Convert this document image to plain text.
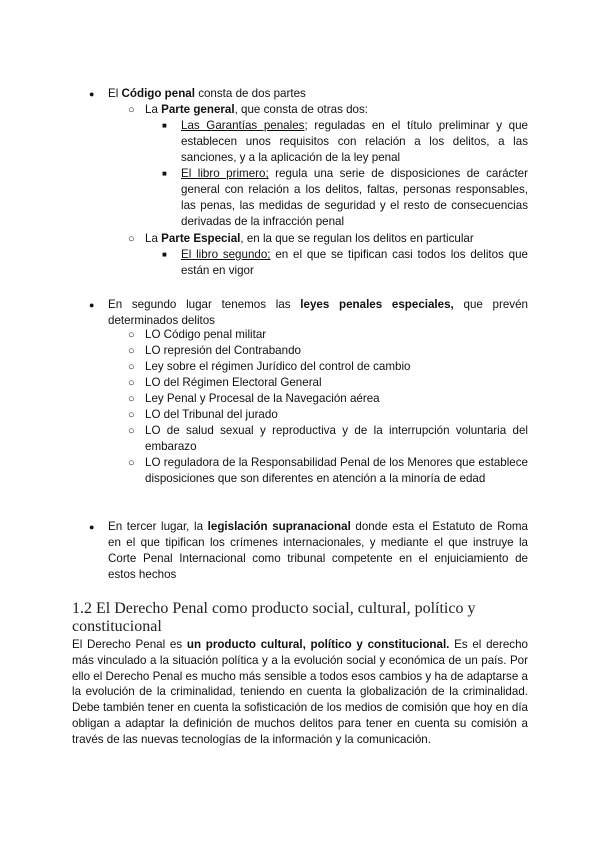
● El Código penal consta de dos partes
○ La Parte general, que consta de otras dos:
■ Las Garantías penales; reguladas en el título preliminar y que establecen unos requisitos con relación a los delitos, a las sanciones, y a la aplicación de la ley penal
■ El libro primero; regula una serie de disposiciones de carácter general con relación a los delitos, faltas, personas responsables, las penas, las medidas de seguridad y el resto de consecuencias derivadas de la infracción penal
○ La Parte Especial, en la que se regulan los delitos en particular
■ El libro segundo; en el que se tipifican casi todos los delitos que están en vigor
● En segundo lugar tenemos las leyes penales especiales, que prevén determinados delitos
○ LO Código penal militar
○ LO represión del Contrabando
○ Ley sobre el régimen Jurídico del control de cambio
○ LO del Régimen Electoral General
○ Ley Penal y Procesal de la Navegación aérea
○ LO del Tribunal del jurado
○ LO de salud sexual y reproductiva y de la interrupción voluntaria del embarazo
○ LO reguladora de la Responsabilidad Penal de los Menores que establece disposiciones que son diferentes en atención a la minoría de edad
● En tercer lugar, la legislación supranacional donde esta el Estatuto de Roma en el que tipifican los crímenes internacionales, y mediante el que instruye la Corte Penal Internacional como tribunal competente en el enjuiciamiento de estos hechos
1.2 El Derecho Penal como producto social, cultural, político y constitucional
El Derecho Penal es un producto cultural, político y constitucional. Es el derecho más vinculado a la situación política y a la evolución social y económica de un país. Por ello el Derecho Penal es mucho más sensible a todos esos cambios y ha de adaptarse a la evolución de la criminalidad, teniendo en cuenta la globalización de la criminalidad. Debe también tener en cuenta la sofisticación de los medios de comisión que hoy en día obligan a adaptar la definición de muchos delitos para tener en cuenta su comisión a través de las nuevas tecnologías de la información y la comunicación.
